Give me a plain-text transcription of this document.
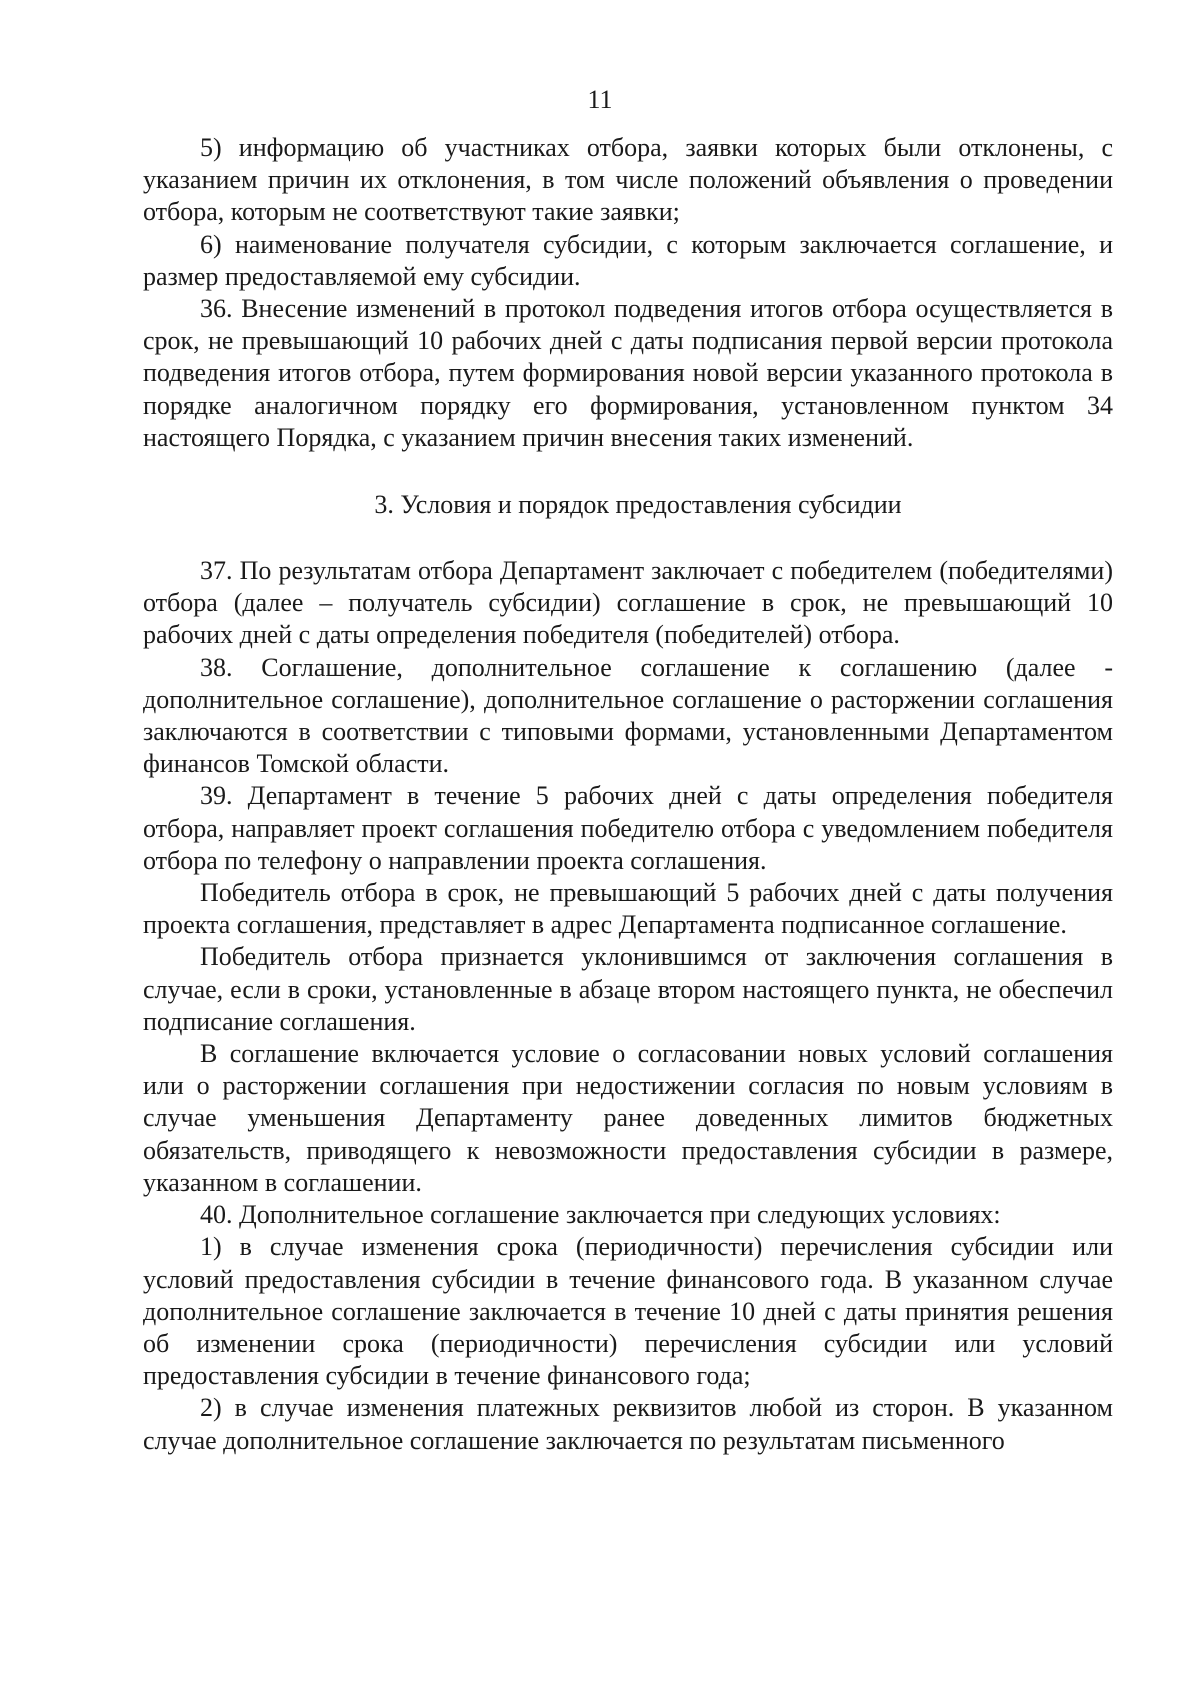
11

5) информацию об участниках отбора, заявки которых были отклонены, с указанием причин их отклонения, в том числе положений объявления о проведении отбора, которым не соответствуют такие заявки;

6) наименование получателя субсидии, с которым заключается соглашение, и размер предоставляемой ему субсидии.

36. Внесение изменений в протокол подведения итогов отбора осуществляется в срок, не превышающий 10 рабочих дней с даты подписания первой версии протокола подведения итогов отбора, путем формирования новой версии указанного протокола в порядке аналогичном порядку его формирования, установленном пунктом 34 настоящего Порядка, с указанием причин внесения таких изменений.

3. Условия и порядок предоставления субсидии

37. По результатам отбора Департамент заключает с победителем (победителями) отбора (далее – получатель субсидии) соглашение в срок, не превышающий 10 рабочих дней с даты определения победителя (победителей) отбора.

38. Соглашение, дополнительное соглашение к соглашению (далее - дополнительное соглашение), дополнительное соглашение о расторжении соглашения заключаются в соответствии с типовыми формами, установленными Департаментом финансов Томской области.

39. Департамент в течение 5 рабочих дней с даты определения победителя отбора, направляет проект соглашения победителю отбора с уведомлением победителя отбора по телефону о направлении проекта соглашения.

Победитель отбора в срок, не превышающий 5 рабочих дней с даты получения проекта соглашения, представляет в адрес Департамента подписанное соглашение.

Победитель отбора признается уклонившимся от заключения соглашения в случае, если в сроки, установленные в абзаце втором настоящего пункта, не обеспечил подписание соглашения.

В соглашение включается условие о согласовании новых условий соглашения или о расторжении соглашения при недостижении согласия по новым условиям в случае уменьшения Департаменту ранее доведенных лимитов бюджетных обязательств, приводящего к невозможности предоставления субсидии в размере, указанном в соглашении.

40. Дополнительное соглашение заключается при следующих условиях:

1) в случае изменения срока (периодичности) перечисления субсидии или условий предоставления субсидии в течение финансового года. В указанном случае дополнительное соглашение заключается в течение 10 дней с даты принятия решения об изменении срока (периодичности) перечисления субсидии или условий предоставления субсидии в течение финансового года;

2) в случае изменения платежных реквизитов любой из сторон. В указанном случае дополнительное соглашение заключается по результатам письменного
